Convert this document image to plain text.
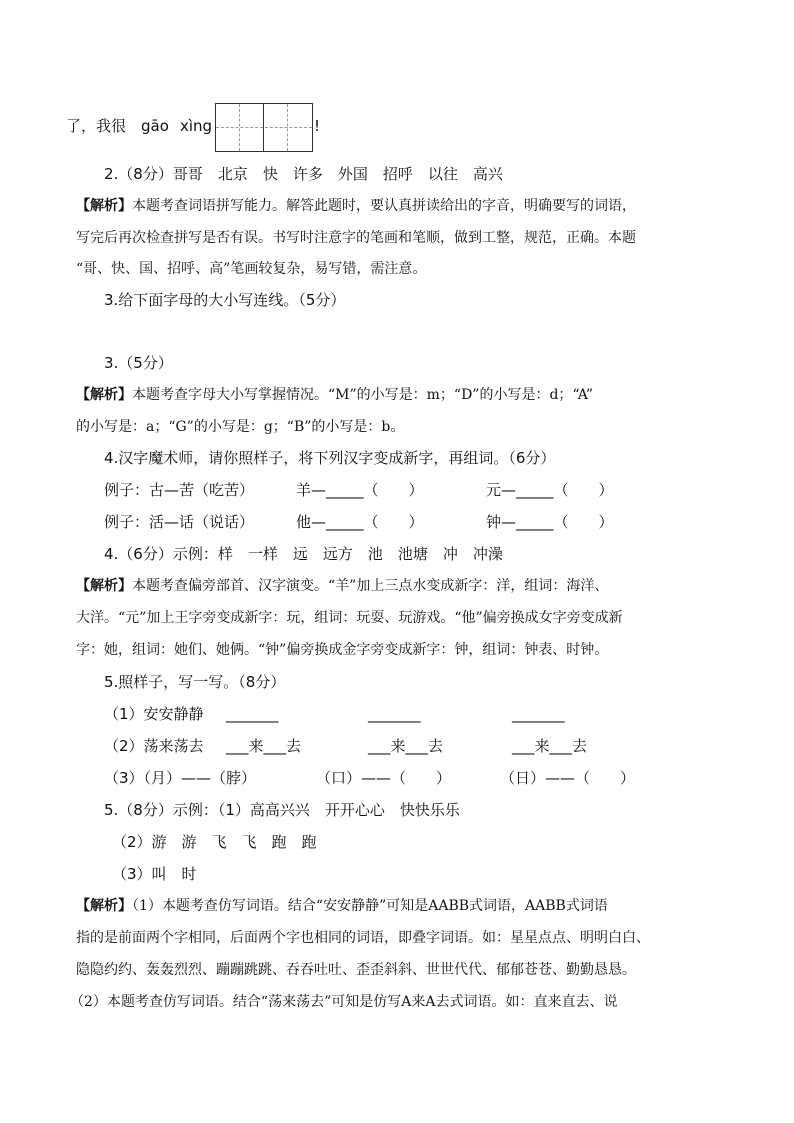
了，我很 gāo xìng	!
2.（8分）哥哥　北京　快　许多　外国　招呼　以往　高兴
【解析】本题考查词语拼写能力。解答此题时，要认真拼读给出的字音，明确要写的词语，
写完后再次检查拼写是否有误。书写时注意字的笔画和笔顺，做到工整，规范，正确。本题
“哥、快、国、招呼、高”笔画较复杂，易写错，需注意。
3.给下面字母的大小写连线。（5分）
3.（5分）
【解析】本题考查字母大小写掌握情况。“M”的小写是：m；“D”的小写是：d；“A”
的小写是：a；“G”的小写是：g；“B”的小写是：b。
4.汉字魔术师，请你照样子，将下列汉字变成新字，再组词。（6分）
例子：古—苦（吃苦）	羊—_____（　　）	元—_____（　　）
例子：活—话（说话）	他—_____（　　）	钟—_____（　　）
4.（6分）示例：样　一样　远　远方　池　池塘　冲　冲澡
【解析】本题考查偏旁部首、汉字演变。“羊”加上三点水变成新字：洋，组词：海洋、
大洋。“元”加上王字旁变成新字：玩，组词：玩耍、玩游戏。“他”偏旁换成女字旁变成新
字：她，组词：她们、她俩。“钟”偏旁换成金字旁变成新字：钟，组词：钟表、时钟。
5.照样子，写一写。（8分）
（1）安安静静 _______	_______	_______
（2）荡来荡去 ___来___去	___来___去	___来___去
（3）（月）——（脖）	（口）——（　　）	（日）——（　　）
5.（8分）示例：（1）高高兴兴　开开心心　快快乐乐
（2）游　游　飞　飞　跑　跑
（3）叫　时
【解析】（1）本题考查仿写词语。结合“安安静静”可知是AABB式词语，AABB式词语
指的是前面两个字相同，后面两个字也相同的词语，即叠字词语。如：星星点点、明明白白、
隐隐约约、轰轰烈烈、蹦蹦跳跳、吞吞吐吐、歪歪斜斜、世世代代、郁郁苍苍、勤勤恳恳。
（2）本题考查仿写词语。结合“荡来荡去”可知是仿写A来A去式词语。如：直来直去、说
